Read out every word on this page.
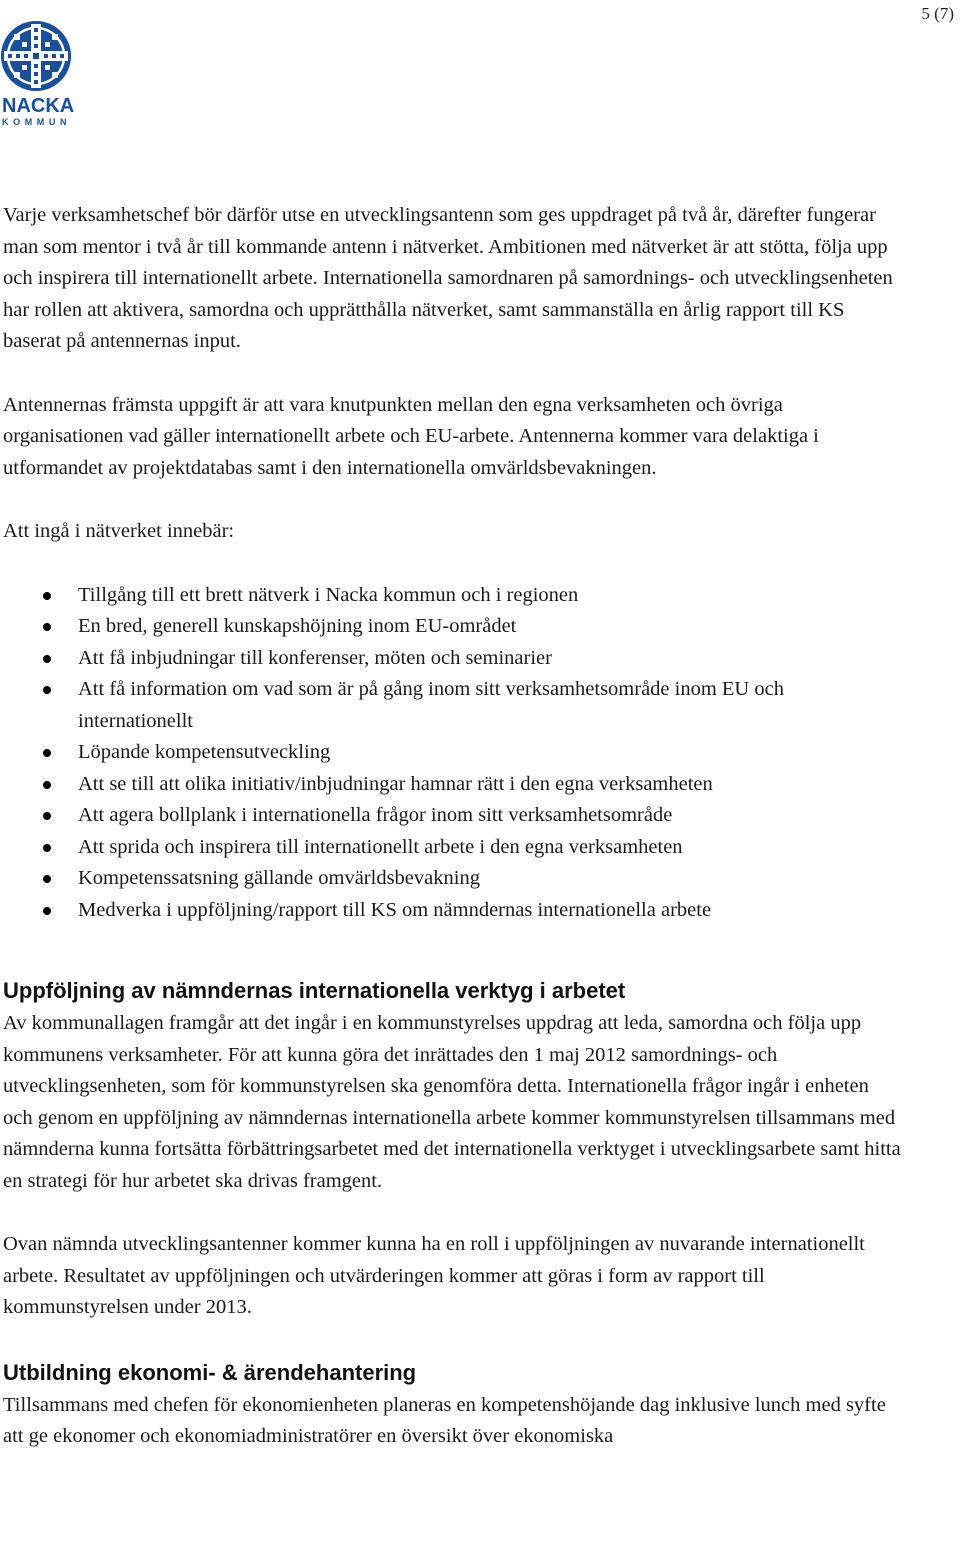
5 (7)
NACKA
KOMMUN

Varje verksamhetschef bör därför utse en utvecklingsantenn som ges uppdraget på två år, därefter fungerar man som mentor i två år till kommande antenn i nätverket. Ambitionen med nätverket är att stötta, följa upp och inspirera till internationellt arbete. Internationella samordnaren på samordnings- och utvecklingsenheten har rollen att aktivera, samordna och upprätthålla nätverket, samt sammanställa en årlig rapport till KS baserat på antennernas input.

Antennernas främsta uppgift är att vara knutpunkten mellan den egna verksamheten och övriga organisationen vad gäller internationellt arbete och EU-arbete. Antennerna kommer vara delaktiga i utformandet av projektdatabas samt i den internationella omvärldsbevakningen.

Att ingå i nätverket innebär:

Tillgång till ett brett nätverk i Nacka kommun och i regionen
En bred, generell kunskapshöjning inom EU-området
Att få inbjudningar till konferenser, möten och seminarier
Att få information om vad som är på gång inom sitt verksamhetsområde inom EU och internationellt
Löpande kompetensutveckling
Att se till att olika initiativ/inbjudningar hamnar rätt i den egna verksamheten
Att agera bollplank i internationella frågor inom sitt verksamhetsområde
Att sprida och inspirera till internationellt arbete i den egna verksamheten
Kompetenssatsning gällande omvärldsbevakning
Medverka i uppföljning/rapport till KS om nämndernas internationella arbete
Uppföljning av nämndernas internationella verktyg i arbetet

Av kommunallagen framgår att det ingår i en kommunstyrelses uppdrag att leda, samordna och följa upp kommunens verksamheter. För att kunna göra det inrättades den 1 maj 2012 samordnings- och utvecklingsenheten, som för kommunstyrelsen ska genomföra detta. Internationella frågor ingår i enheten och genom en uppföljning av nämndernas internationella arbete kommer kommunstyrelsen tillsammans med nämnderna kunna fortsätta förbättringsarbetet med det internationella verktyget i utvecklingsarbete samt hitta en strategi för hur arbetet ska drivas framgent.

Ovan nämnda utvecklingsantenner kommer kunna ha en roll i uppföljningen av nuvarande internationellt arbete. Resultatet av uppföljningen och utvärderingen kommer att göras i form av rapport till kommunstyrelsen under 2013.

Utbildning ekonomi- & ärendehantering

Tillsammans med chefen för ekonomienheten planeras en kompetenshöjande dag inklusive lunch med syfte att ge ekonomer och ekonomiadministratörer en översikt över ekonomiska
